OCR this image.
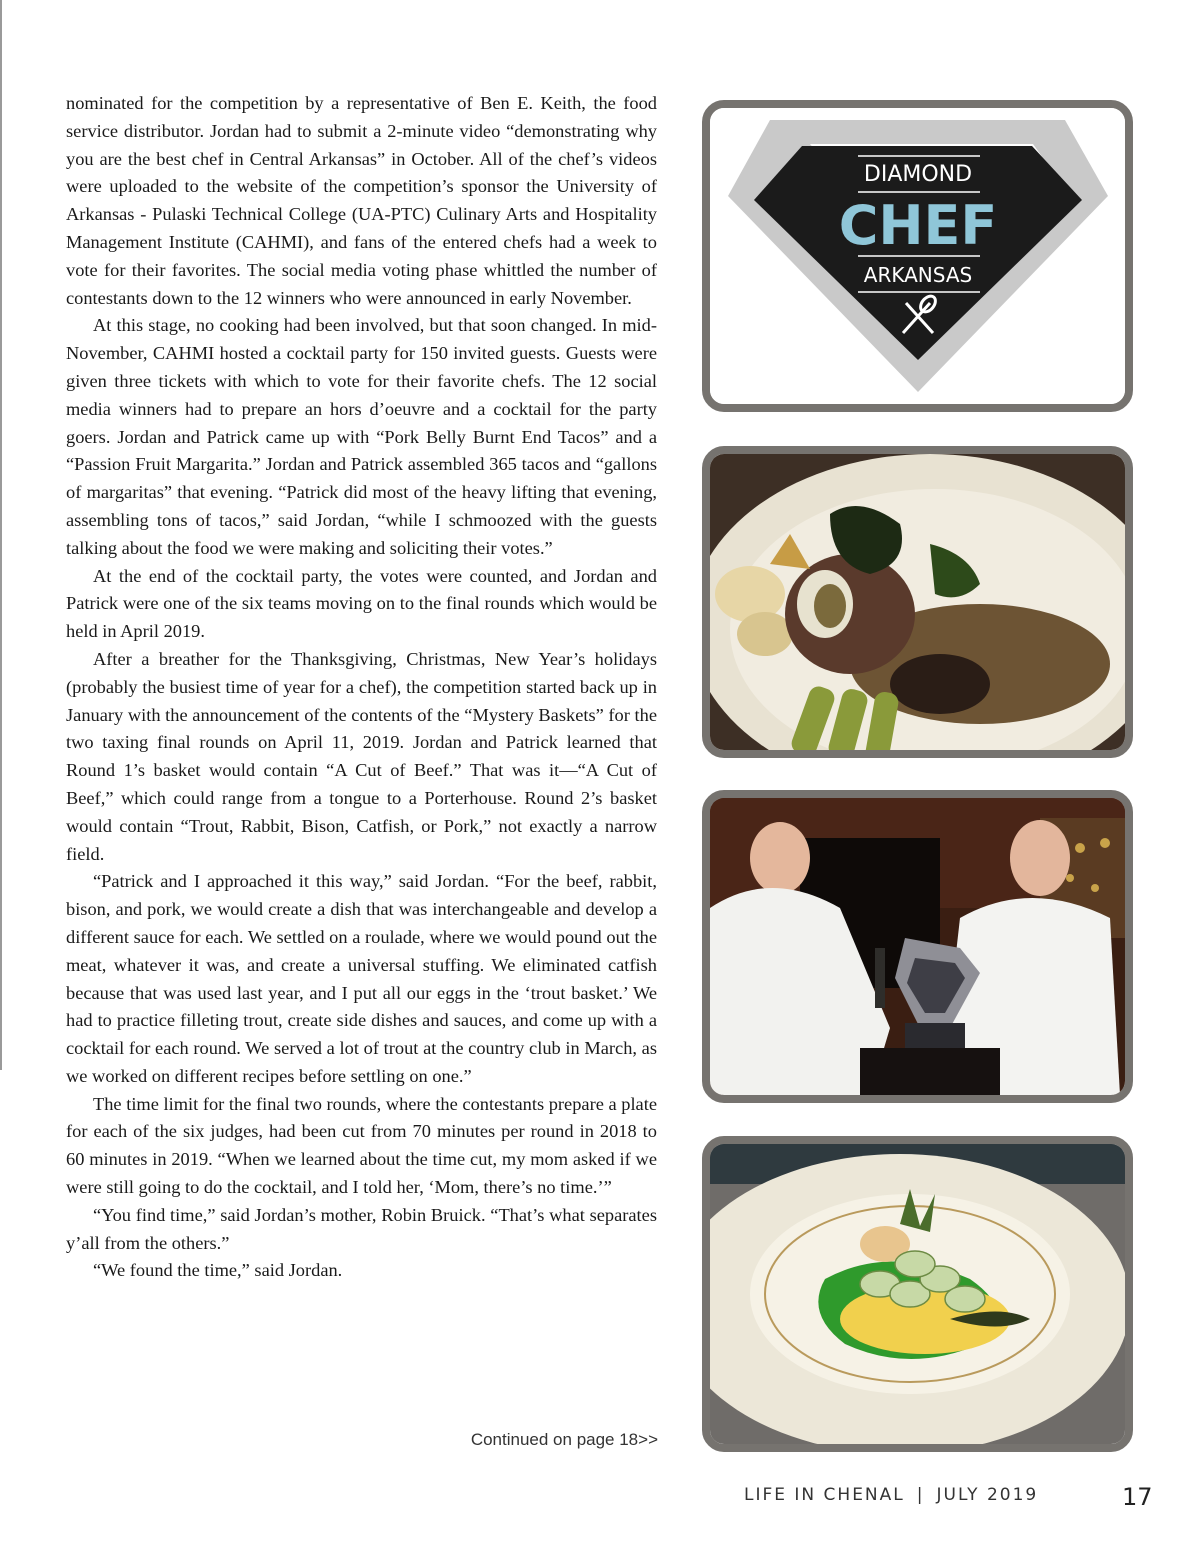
nominated for the competition by a representative of Ben E. Keith, the food service distributor. Jordan had to submit a 2-minute video “demonstrating why you are the best chef in Central Arkansas” in October. All of the chef’s videos were uploaded to the website of the competition’s sponsor the University of Arkansas - Pulaski Technical College (UA-PTC) Culinary Arts and Hospitality Management Institute (CAHMI), and fans of the entered chefs had a week to vote for their favorites. The social media voting phase whittled the number of contestants down to the 12 winners who were announced in early November.

At this stage, no cooking had been involved, but that soon changed. In mid-November, CAHMI hosted a cocktail party for 150 invited guests. Guests were given three tickets with which to vote for their favorite chefs. The 12 social media winners had to prepare an hors d’oeuvre and a cocktail for the party goers. Jordan and Patrick came up with “Pork Belly Burnt End Tacos” and a “Passion Fruit Margarita.” Jordan and Patrick assembled 365 tacos and “gallons of margaritas” that evening. “Patrick did most of the heavy lifting that evening, assembling tons of tacos,” said Jordan, “while I schmoozed with the guests talking about the food we were making and soliciting their votes.”

At the end of the cocktail party, the votes were counted, and Jordan and Patrick were one of the six teams moving on to the final rounds which would be held in April 2019.

After a breather for the Thanksgiving, Christmas, New Year’s holidays (probably the busiest time of year for a chef), the competition started back up in January with the announcement of the contents of the “Mystery Baskets” for the two taxing final rounds on April 11, 2019. Jordan and Patrick learned that Round 1’s basket would contain “A Cut of Beef.” That was it—“A Cut of Beef,” which could range from a tongue to a Porterhouse. Round 2’s basket would contain “Trout, Rabbit, Bison, Catfish, or Pork,” not exactly a narrow field.

“Patrick and I approached it this way,” said Jordan. “For the beef, rabbit, bison, and pork, we would create a dish that was interchangeable and develop a different sauce for each. We settled on a roulade, where we would pound out the meat, whatever it was, and create a universal stuffing. We eliminated catfish because that was used last year, and I put all our eggs in the ‘trout basket.’ We had to practice filleting trout, create side dishes and sauces, and come up with a cocktail for each round. We served a lot of trout at the country club in March, as we worked on different recipes before settling on one.”

The time limit for the final two rounds, where the contestants prepare a plate for each of the six judges, had been cut from 70 minutes per round in 2018 to 60 minutes in 2019. “When we learned about the time cut, my mom asked if we were still going to do the cocktail, and I told her, ‘Mom, there’s no time.’”

“You find time,” said Jordan’s mother, Robin Bruick. “That’s what separates y’all from the others.”

“We found the time,” said Jordan.

Continued on page 18>>
DIAMOND
CHEF
ARKANSAS
LIFE IN CHENAL | JULY 2019	17
